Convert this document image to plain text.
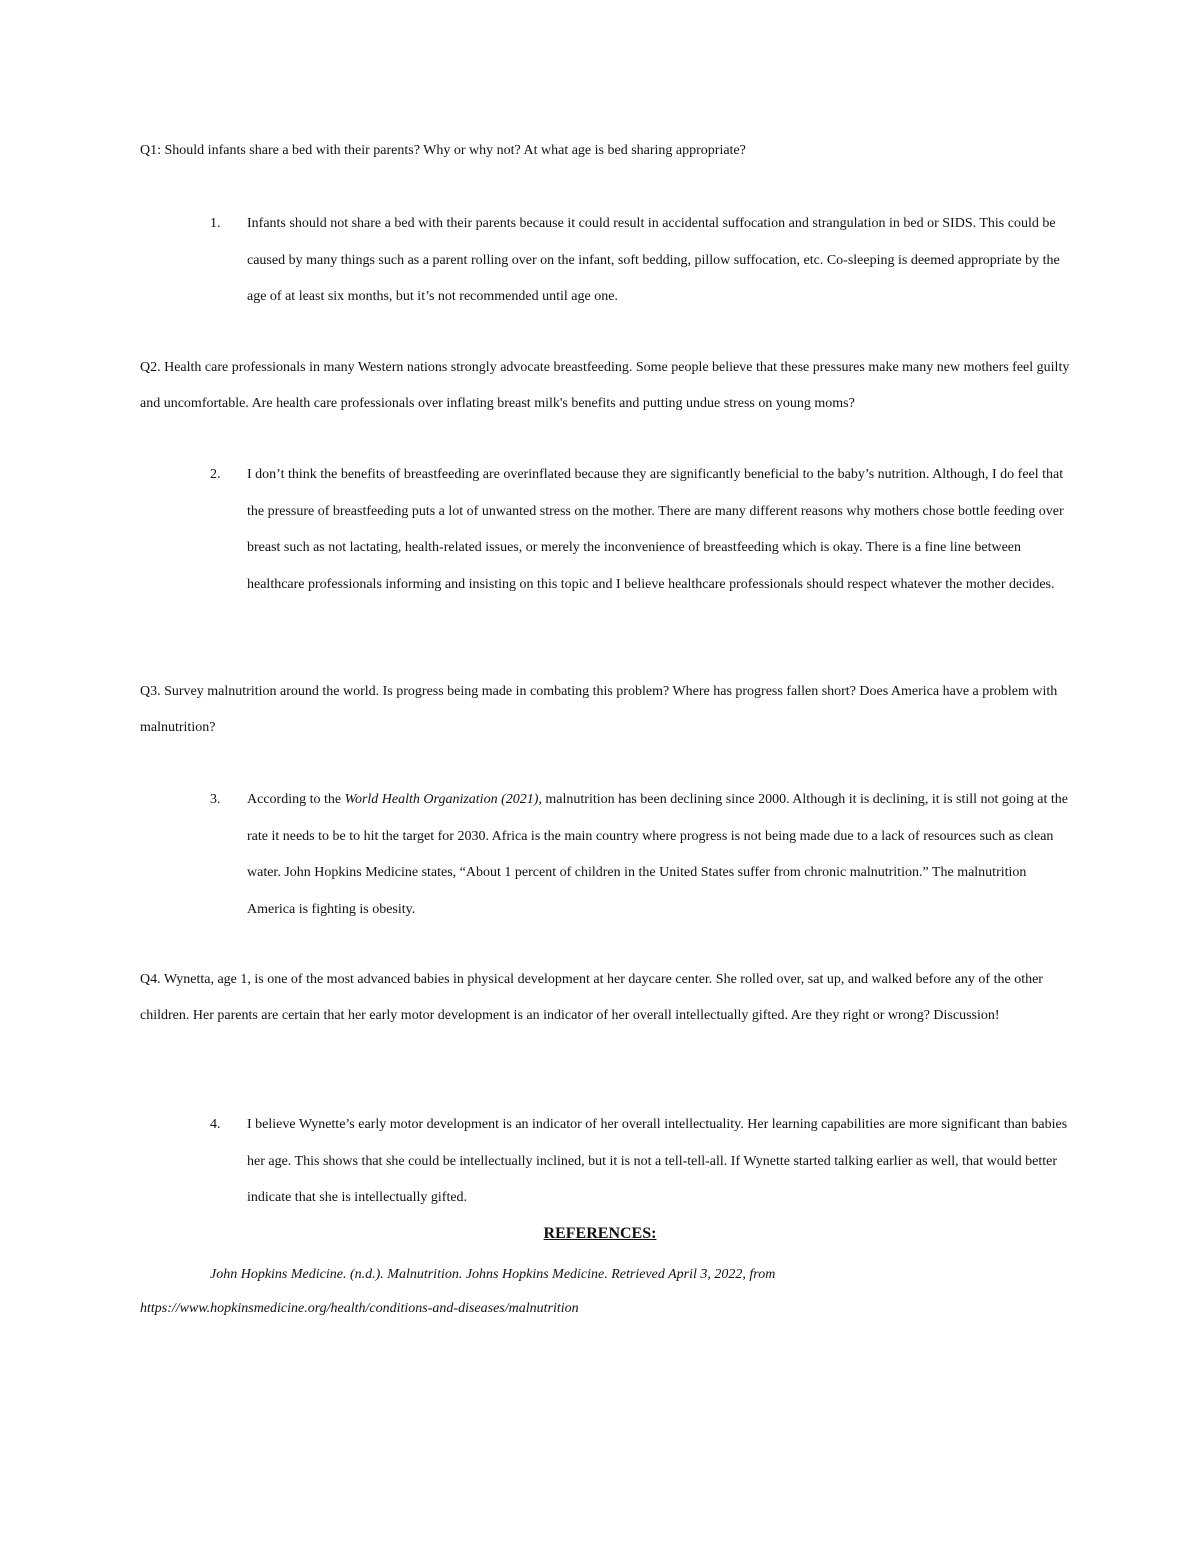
Q1: Should infants share a bed with their parents? Why or why not? At what age is bed sharing appropriate?

1. Infants should not share a bed with their parents because it could result in accidental suffocation and strangulation in bed or SIDS. This could be caused by many things such as a parent rolling over on the infant, soft bedding, pillow suffocation, etc. Co-sleeping is deemed appropriate by the age of at least six months, but it’s not recommended until age one.

Q2. Health care professionals in many Western nations strongly advocate breastfeeding. Some people believe that these pressures make many new mothers feel guilty and uncomfortable. Are health care professionals over inflating breast milk's benefits and putting undue stress on young moms?

2. I don’t think the benefits of breastfeeding are overinflated because they are significantly beneficial to the baby’s nutrition. Although, I do feel that the pressure of breastfeeding puts a lot of unwanted stress on the mother. There are many different reasons why mothers chose bottle feeding over breast such as not lactating, health-related issues, or merely the inconvenience of breastfeeding which is okay. There is a fine line between healthcare professionals informing and insisting on this topic and I believe healthcare professionals should respect whatever the mother decides.

Q3. Survey malnutrition around the world. Is progress being made in combating this problem? Where has progress fallen short? Does America have a problem with malnutrition?

3. According to the World Health Organization (2021), malnutrition has been declining since 2000. Although it is declining, it is still not going at the rate it needs to be to hit the target for 2030. Africa is the main country where progress is not being made due to a lack of resources such as clean water. John Hopkins Medicine states, “About 1 percent of children in the United States suffer from chronic malnutrition.” The malnutrition America is fighting is obesity.

Q4. Wynetta, age 1, is one of the most advanced babies in physical development at her daycare center. She rolled over, sat up, and walked before any of the other children. Her parents are certain that her early motor development is an indicator of her overall intellectually gifted. Are they right or wrong? Discussion!

4. I believe Wynette’s early motor development is an indicator of her overall intellectuality. Her learning capabilities are more significant than babies her age. This shows that she could be intellectually inclined, but it is not a tell-tell-all. If Wynette started talking earlier as well, that would better indicate that she is intellectually gifted.
REFERENCES:

John Hopkins Medicine. (n.d.). Malnutrition. Johns Hopkins Medicine. Retrieved April 3, 2022, from https://www.hopkinsmedicine.org/health/conditions-and-diseases/malnutrition
